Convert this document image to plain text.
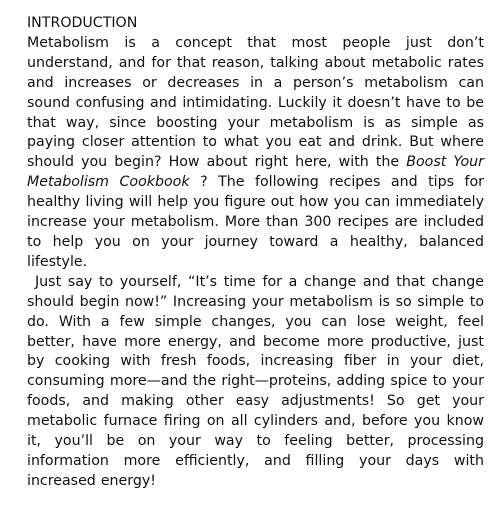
INTRODUCTION

Metabolism is a concept that most people just don’t understand, and for that reason, talking about metabolic rates and increases or decreases in a person’s metabolism can sound confusing and intimidating. Luckily it doesn’t have to be that way, since boosting your metabolism is as simple as paying closer attention to what you eat and drink. But where should you begin? How about right here, with the Boost Your Metabolism Cookbook ? The following recipes and tips for healthy living will help you figure out how you can immediately increase your metabolism. More than 300 recipes are included to help you on your journey toward a healthy, balanced lifestyle.

Just say to yourself, “It’s time for a change and that change should begin now!” Increasing your metabolism is so simple to do. With a few simple changes, you can lose weight, feel better, have more energy, and become more productive, just by cooking with fresh foods, increasing fiber in your diet, consuming more—and the right—proteins, adding spice to your foods, and making other easy adjustments! So get your metabolic furnace firing on all cylinders and, before you know it, you’ll be on your way to feeling better, processing information more efficiently, and filling your days with increased energy!
